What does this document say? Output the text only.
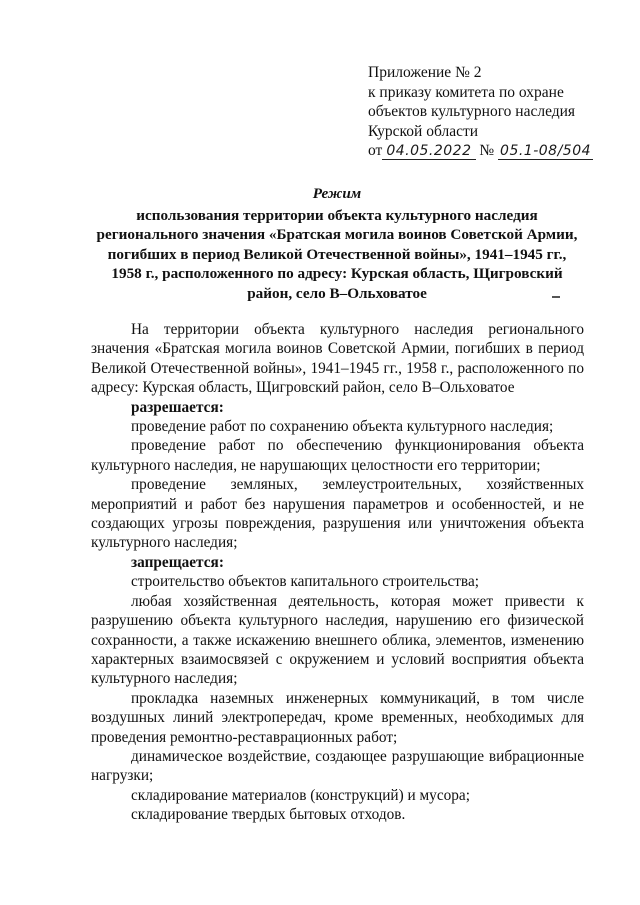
Приложение № 2
к приказу комитета по охране
объектов культурного наследия
Курской области
от 04.05.2022 № 05.1-08/504
Режим
использования территории объекта культурного наследия регионального значения «Братская могила воинов Советской Армии, погибших в период Великой Отечественной войны», 1941–1945 гг., 1958 г., расположенного по адресу: Курская область, Щигровский район, село В–Ольховатое

На территории объекта культурного наследия регионального значения «Братская могила воинов Советской Армии, погибших в период Великой Отечественной войны», 1941–1945 гг., 1958 г., расположенного по адресу: Курская область, Щигровский район, село В–Ольховатое

разрешается:

проведение работ по сохранению объекта культурного наследия;

проведение работ по обеспечению функционирования объекта культурного наследия, не нарушающих целостности его территории;

проведение земляных, землеустроительных, хозяйственных мероприятий и работ без нарушения параметров и особенностей, и не создающих угрозы повреждения, разрушения или уничтожения объекта культурного наследия;

запрещается:

строительство объектов капитального строительства;

любая хозяйственная деятельность, которая может привести к разрушению объекта культурного наследия, нарушению его физической сохранности, а также искажению внешнего облика, элементов, изменению характерных взаимосвязей с окружением и условий восприятия объекта культурного наследия;

прокладка наземных инженерных коммуникаций, в том числе воздушных линий электропередач, кроме временных, необходимых для проведения ремонтно-реставрационных работ;

динамическое воздействие, создающее разрушающие вибрационные нагрузки;

складирование материалов (конструкций) и мусора;

складирование твердых бытовых отходов.
